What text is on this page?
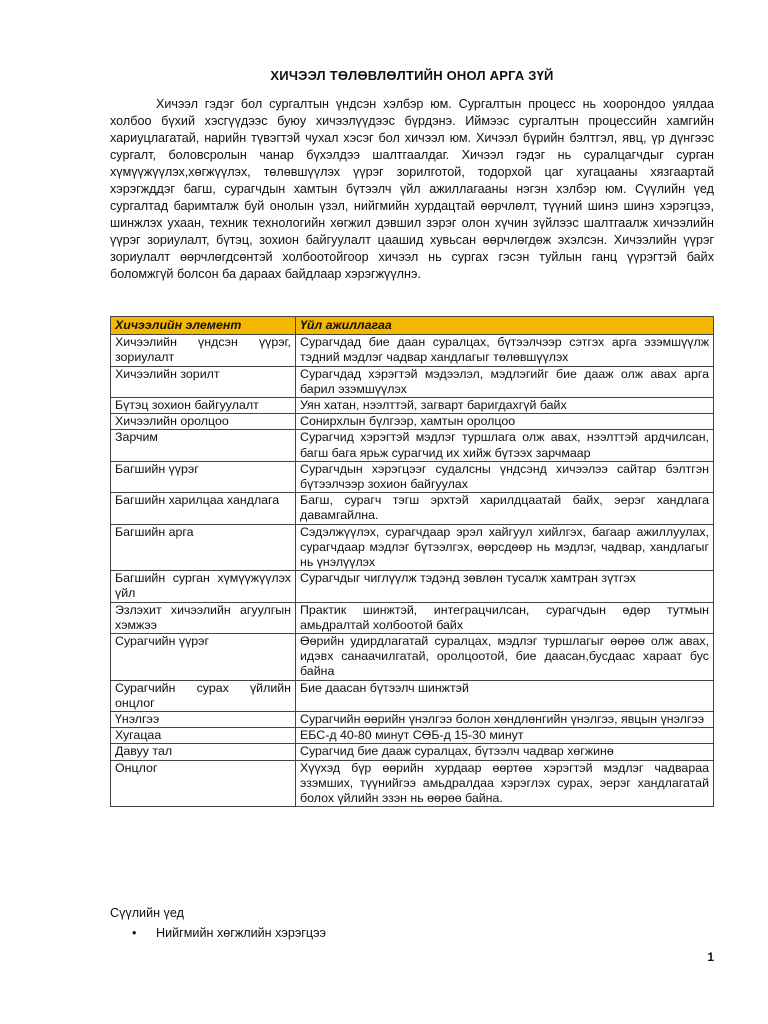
ХИЧЭЭЛ ТӨЛӨВЛӨЛТИЙН ОНОЛ АРГА ЗҮЙ
Хичээл гэдэг бол сургалтын үндсэн хэлбэр юм. Сургалтын процесс нь хоорондоо уялдаа холбоо бүхий хэсгүүдээс буюу хичээлүүдээс бүрдэнэ. Иймээс сургалтын процессийн хамгийн хариуцлагатай, нарийн түвэгтэй чухал хэсэг бол хичээл юм. Хичээл бүрийн бэлтгэл, явц, үр дүнгээс сургалт, боловсролын чанар бүхэлдээ шалтгаалдаг. Хичээл гэдэг нь суралцагчдыг сурган хүмүүжүүлэх,хөгжүүлэх, төлөвшүүлэх үүрэг зорилготой, тодорхой цаг хугацааны хязгаартай хэрэгжддэг багш, сурагчдын хамтын бүтээлч үйл ажиллагааны нэгэн хэлбэр юм. Сүүлийн үед сургалтад баримталж буй онолын үзэл, нийгмийн хурдацтай өөрчлөлт, түүний шинэ шинэ хэрэгцээ, шинжлэх ухаан, техник технологийн хөгжил дэвшил зэрэг олон хүчин зүйлээс шалтгаалж хичээлийн үүрэг зориулалт, бүтэц, зохион байгуулалт цаашид хувьсан өөрчлөгдөж эхэлсэн. Хичээлийн үүрэг зориулалт өөрчлөгдсөнтэй холбоотойгоор хичээл нь сургах гэсэн туйлын ганц үүрэгтэй байх боломжгүй болсон ба дараах байдлаар хэрэгжүүлнэ.
Хичээлийн элемент	Үйл ажиллагаа
Хичээлийн үндсэн үүрэг, зориулалт	Сурагчдад бие даан суралцах, бүтээлчээр сэтгэх арга эзэмшүүлж тэдний мэдлэг чадвар хандлагыг төлөвшүүлэх
Хичээлийн зорилт	Сурагчдад хэрэгтэй мэдээлэл, мэдлэгийг бие дааж олж авах арга барил эзэмшүүлэх
Бүтэц зохион байгуулалт	Уян хатан, нээлттэй, загварт баригдахгүй байх
Хичээлийн оролцоо	Сонирхлын бүлгээр, хамтын оролцоо
Зарчим	Сурагчид хэрэгтэй мэдлэг туршлага олж авах, нээлттэй ардчилсан, багш бага ярьж сурагчид их хийж бүтээх зарчмаар
Багшийн үүрэг	Сурагчдын хэрэгцээг судалсны үндсэнд хичээлээ сайтар бэлтгэн бүтээлчээр зохион байгуулах
Багшийн харилцаа хандлага	Багш, сурагч тэгш эрхтэй харилдцаатай байх, эерэг хандлага давамгайлна.
Багшийн арга	Сэдэлжүүлэх, сурагчдаар эрэл хайгуул хийлгэх, багаар ажиллуулах, сурагчдаар мэдлэг бүтээлгэх, өөрсдөөр нь мэдлэг, чадвар, хандлагыг нь үнэлүүлэх
Багшийн сурган хүмүүжүүлэх үйл	Сурагчдыг чиглүүлж тэдэнд зөвлөн тусалж хамтран зүтгэх
Эзлэхит хичээлийн агуулгын хэмжээ	Практик шинжтэй, интеграцчилсан, сурагчдын өдөр тутмын амьдралтай холбоотой байх
Сурагчийн үүрэг	Өөрийн удирдлагатай суралцах, мэдлэг туршлагыг өөрөө олж авах, идэвх санаачилгатай, оролцоотой, бие даасан,бусдаас хараат бус байна
Сурагчийн сурах үйлийн онцлог	Бие даасан бүтээлч шинжтэй
Үнэлгээ	Сурагчийн өөрийн үнэлгээ болон хөндлөнгийн үнэлгээ, явцын үнэлгээ
Хугацаа	ЕБС-д 40-80 минут СӨБ-д 15-30 минут
Давуу тал	Сурагчид бие дааж суралцах, бүтээлч чадвар хөгжинө
Онцлог	Хүүхэд бүр өөрийн хурдаар өөртөө хэрэгтэй мэдлэг чадвараа эзэмших, түүнийгээ амьдралдаа хэрэглэх сурах, эерэг хандлагатай болох үйлийн эзэн нь өөрөө байна.
Сүүлийн үед
• Нийгмийн хөгжлийн хэрэгцээ
1
